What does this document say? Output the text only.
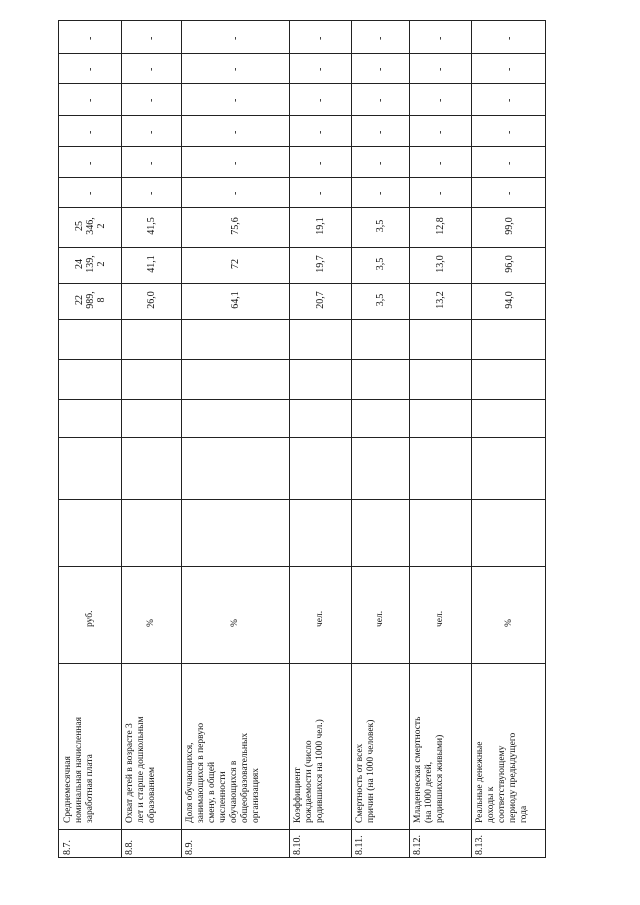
8.7.
Среднемесячная номинальная начисленная заработная плата
руб.
22 989, 8
24 139, 2
25 346, 2
-
-
-
-
-
-
8.8.
Охват детей в возрасте 3 лет и старше дошкольным образованием
%
26,0
41,1
41,5
-
-
-
-
-
-
8.9.
Доля обучающихся, занимающихся в первую смену, в общей численности обучающихся в общеобразовательных организациях
%
64,1
72
75,6
-
-
-
-
-
-
8.10.
Коэффициент рождаемости (число родившихся на 1000 чел.)
чел.
20,7
19,7
19,1
-
-
-
-
-
-
8.11.
Смертность от всех причин (на 1000 человек)
чел.
3,5
3,5
3,5
-
-
-
-
-
-
8.12.
Младенческая смертность (на 1000 детей, родившихся живыми)
чел.
13,2
13,0
12,8
-
-
-
-
-
-
8.13.
Реальные денежные доходы к соответствующему периоду предыдущего года
%
94,0
96,0
99,0
-
-
-
-
-
-
